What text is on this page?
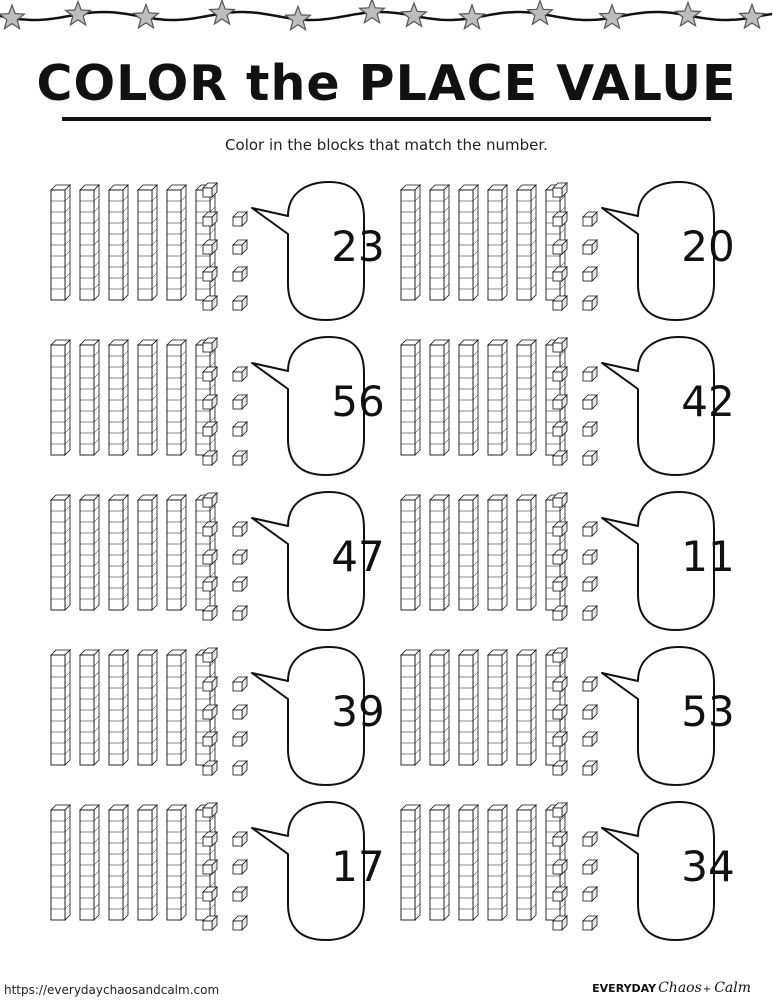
COLOR the PLACE VALUE
Color in the blocks that match the number.
23	20
56	42
47	11
39	53
17	34
https://everydaychaosandcalm.com	EVERYDAY Chaos+ Calm
